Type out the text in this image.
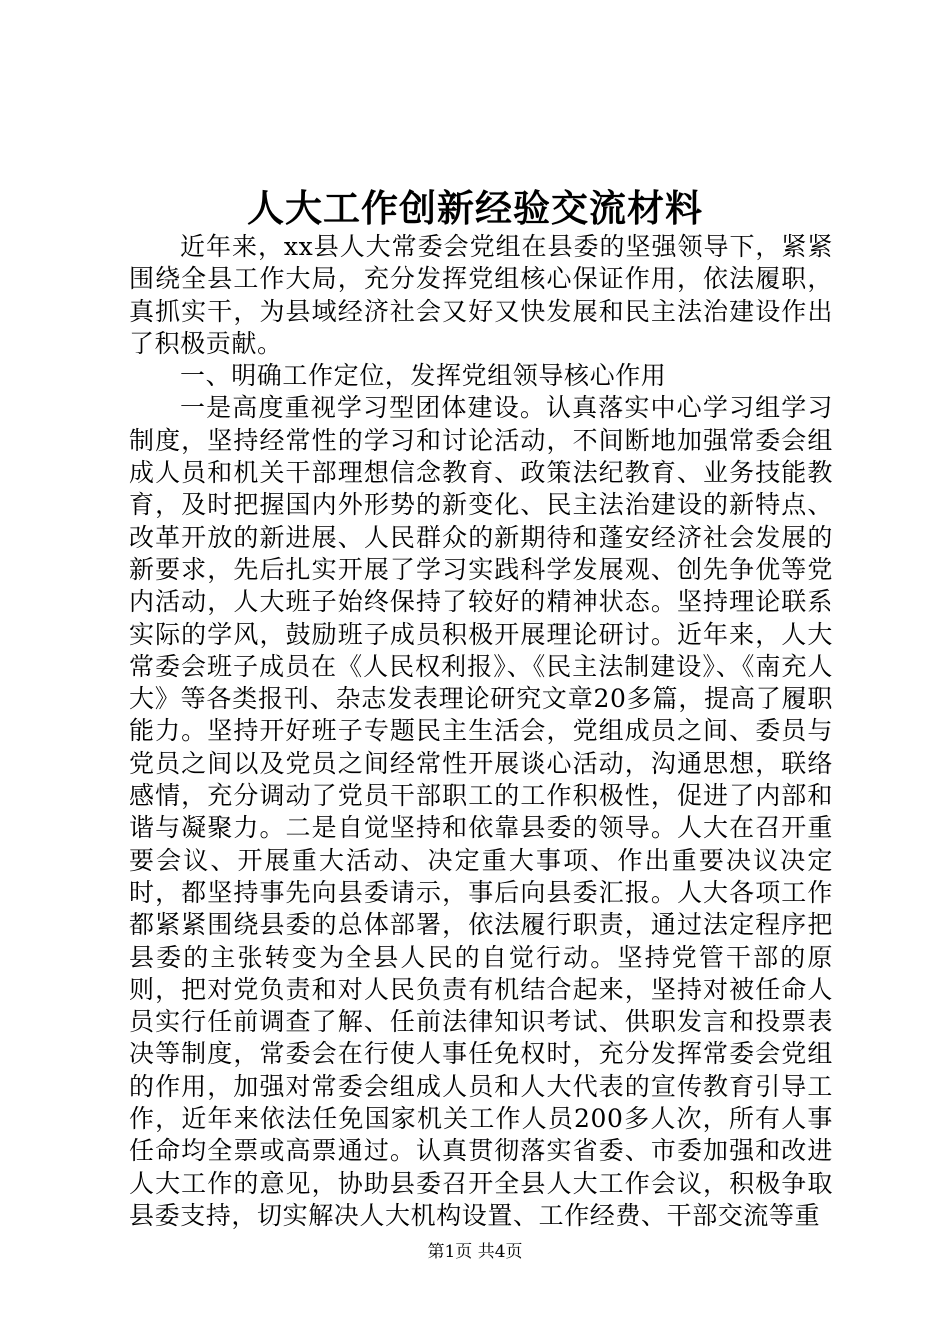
人大工作创新经验交流材料

近年来，xx县人大常委会党组在县委的坚强领导下，紧紧围绕全县工作大局，充分发挥党组核心保证作用，依法履职，真抓实干，为县域经济社会又好又快发展和民主法治建设作出了积极贡献。

一、明确工作定位，发挥党组领导核心作用

一是高度重视学习型团体建设。认真落实中心学习组学习制度，坚持经常性的学习和讨论活动，不间断地加强常委会组成人员和机关干部理想信念教育、政策法纪教育、业务技能教育，及时把握国内外形势的新变化、民主法治建设的新特点、改革开放的新进展、人民群众的新期待和蓬安经济社会发展的新要求，先后扎实开展了学习实践科学发展观、创先争优等党内活动，人大班子始终保持了较好的精神状态。坚持理论联系实际的学风，鼓励班子成员积极开展理论研讨。近年来，人大常委会班子成员在《人民权利报》、《民主法制建设》、《南充人大》等各类报刊、杂志发表理论研究文章20多篇，提高了履职能力。坚持开好班子专题民主生活会，党组成员之间、委员与党员之间以及党员之间经常性开展谈心活动，沟通思想，联络感情，充分调动了党员干部职工的工作积极性，促进了内部和谐与凝聚力。二是自觉坚持和依靠县委的领导。人大在召开重要会议、开展重大活动、决定重大事项、作出重要决议决定时，都坚持事先向县委请示，事后向县委汇报。人大各项工作都紧紧围绕县委的总体部署，依法履行职责，通过法定程序把县委的主张转变为全县人民的自觉行动。坚持党管干部的原则，把对党负责和对人民负责有机结合起来，坚持对被任命人员实行任前调查了解、任前法律知识考试、供职发言和投票表决等制度，常委会在行使人事任免权时，充分发挥常委会党组的作用，加强对常委会组成人员和人大代表的宣传教育引导工作，近年来依法任免国家机关工作人员200多人次，所有人事任命均全票或高票通过。认真贯彻落实省委、市委加强和改进人大工作的意见，协助县委召开全县人大工作会议，积极争取县委支持，切实解决人大机构设置、工作经费、干部交流等重

第1页 共4页
